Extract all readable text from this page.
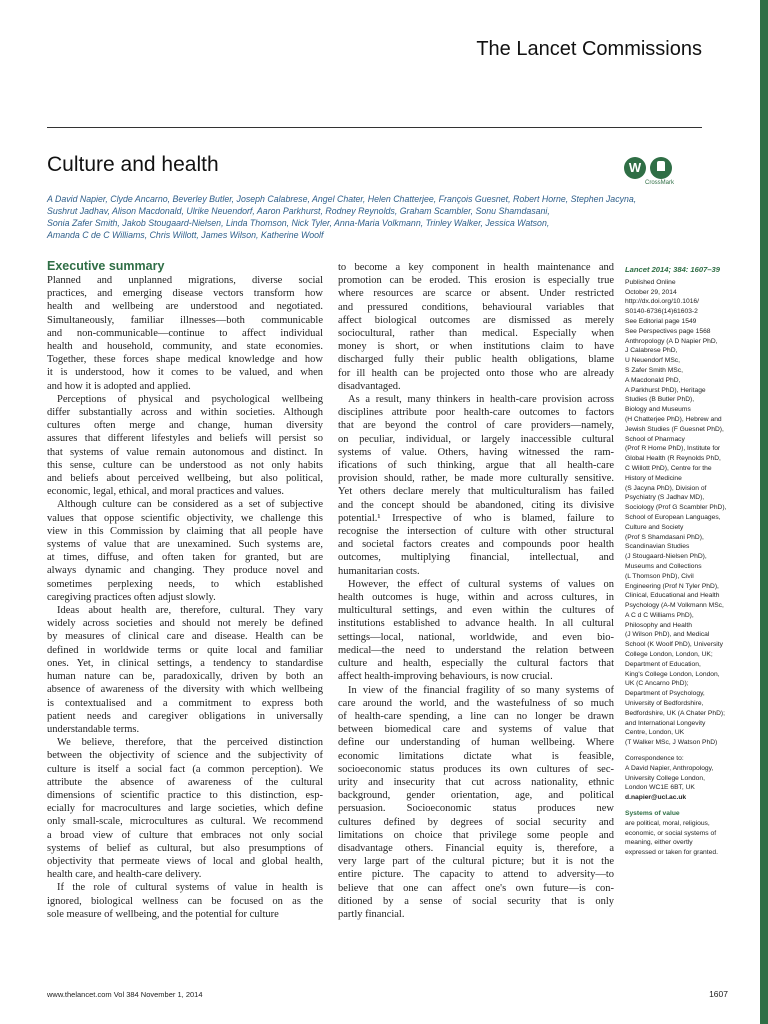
The Lancet Commissions
Culture and health	W
CrossMark
A David Napier, Clyde Ancarno, Beverley Butler, Joseph Calabrese, Angel Chater, Helen Chatterjee, François Guesnet, Robert Horne, Stephen Jacyna,
Sushrut Jadhav, Alison Macdonald, Ulrike Neuendorf, Aaron Parkhurst, Rodney Reynolds, Graham Scambler, Sonu Shamdasani,
Sonia Zafer Smith, Jakob Stougaard-Nielsen, Linda Thomson, Nick Tyler, Anna-Maria Volkmann, Trinley Walker, Jessica Watson,
Amanda C de C Williams, Chris Willott, James Wilson, Katherine Woolf
Executive summary
Planned and unplanned migrations, diverse social
practices, and emerging disease vectors transform how
health and wellbeing are understood and negotiated.
Simultaneously, familiar illnesses—both communicable
and non-communicable—continue to affect individual
health and household, community, and state economies.
Together, these forces shape medical knowledge and how
it is understood, how it comes to be valued, and when
and how it is adopted and applied.
Perceptions of physical and psychological wellbeing
differ substantially across and within societies. Although
cultures often merge and change, human diversity
assures that different lifestyles and beliefs will persist so
that systems of value remain autonomous and distinct. In
this sense, culture can be understood as not only habits
and beliefs about perceived wellbeing, but also political,
economic, legal, ethical, and moral practices and values.
Although culture can be considered as a set of subjective
values that oppose scientific objectivity, we challenge this
view in this Commission by claiming that all people have
systems of value that are unexamined. Such systems are,
at times, diffuse, and often taken for granted, but are
always dynamic and changing. They produce novel and
sometimes perplexing needs, to which established
caregiving practices often adjust slowly.
Ideas about health are, therefore, cultural. They vary
widely across societies and should not merely be defined
by measures of clinical care and disease. Health can be
defined in worldwide terms or quite local and familiar
ones. Yet, in clinical settings, a tendency to standardise
human nature can be, paradoxically, driven by both an
absence of awareness of the diversity with which wellbeing
is contextualised and a commitment to express both
patient needs and caregiver obligations in universally
understandable terms.
We believe, therefore, that the perceived distinction
between the objectivity of science and the subjectivity of
culture is itself a social fact (a common perception). We
attribute the absence of awareness of the cultural
dimensions of scientific practice to this distinction, esp-
ecially for macrocultures and large societies, which define
only small-scale, microcultures as cultural. We recommend
a broad view of culture that embraces not only social
systems of belief as cultural, but also presumptions of
objectivity that permeate views of local and global health,
health care, and health-care delivery.
If the role of cultural systems of value in health is
ignored, biological wellness can be focused on as the
sole measure of wellbeing, and the potential for culture
to become a key component in health maintenance and
promotion can be eroded. This erosion is especially true
where resources are scarce or absent. Under restricted
and pressured conditions, behavioural variables that
affect biological outcomes are dismissed as merely
sociocultural, rather than medical. Especially when
money is short, or when institutions claim to have
discharged fully their public health obligations, blame
for ill health can be projected onto those who are already
disadvantaged.
As a result, many thinkers in health-care provision across
disciplines attribute poor health-care outcomes to factors
that are beyond the control of care providers—namely,
on peculiar, individual, or largely inaccessible cultural
systems of value. Others, having witnessed the ram-
ifications of such thinking, argue that all health-care
provision should, rather, be made more culturally sensitive.
Yet others declare merely that multiculturalism has failed
and the concept should be abandoned, citing its divisive
potential.¹ Irrespective of who is blamed, failure to
recognise the intersection of culture with other structural
and societal factors creates and compounds poor health
outcomes, multiplying financial, intellectual, and
humanitarian costs.
However, the effect of cultural systems of values on
health outcomes is huge, within and across cultures, in
multicultural settings, and even within the cultures of
institutions established to advance health. In all cultural
settings—local, national, worldwide, and even bio-
medical—the need to understand the relation between
culture and health, especially the cultural factors that
affect health-improving behaviours, is now crucial.
In view of the financial fragility of so many systems of
care around the world, and the wastefulness of so much
of health-care spending, a line can no longer be drawn
between biomedical care and systems of value that
define our understanding of human wellbeing. Where
economic limitations dictate what is feasible,
socioeconomic status produces its own cultures of sec-
urity and insecurity that cut across nationality, ethnic
background, gender orientation, age, and political
persuasion. Socioeconomic status produces new
cultures defined by degrees of social security and
limitations on choice that privilege some people and
disadvantage others. Financial equity is, therefore, a
very large part of the cultural picture; but it is not the
entire picture. The capacity to attend to adversity—to
believe that one can affect one's own future—is con-
ditioned by a sense of social security that is only
partly financial.
Lancet 2014; 384: 1607–39
Published Online
October 29, 2014
http://dx.doi.org/10.1016/
S0140-6736(14)61603-2
See Editorial page 1549
See Perspectives page 1568
Anthropology (A D Napier PhD,
J Calabrese PhD,
U Neuendorf MSc,
S Zafer Smith MSc,
A Macdonald PhD,
A Parkhurst PhD), Heritage
Studies (B Butler PhD),
Biology and Museums
(H Chatterjee PhD), Hebrew and
Jewish Studies (F Guesnet PhD),
School of Pharmacy
(Prof R Horne PhD), Institute for
Global Health (R Reynolds PhD,
C Willott PhD), Centre for the
History of Medicine
(S Jacyna PhD), Division of
Psychiatry (S Jadhav MD),
Sociology (Prof G Scambler PhD),
School of European Languages,
Culture and Society
(Prof S Shamdasani PhD),
Scandinavian Studies
(J Stougaard-Nielsen PhD),
Museums and Collections
(L Thomson PhD), Civil
Engineering (Prof N Tyler PhD),
Clinical, Educational and Health
Psychology (A-M Volkmann MSc,
A C d C Williams PhD),
Philosophy and Health
(J Wilson PhD), and Medical
School (K Woolf PhD), University
College London, London, UK;
Department of Education,
King's College London, London,
UK (C Ancarno PhD);
Department of Psychology,
University of Bedfordshire,
Bedfordshire, UK (A Chater PhD);
and International Longevity
Centre, London, UK
(T Walker MSc, J Watson PhD)
Correspondence to:
A David Napier, Anthropology,
University College London,
London WC1E 6BT, UK
d.napier@ucl.ac.uk
Systems of value
are political, moral, religious,
economic, or social systems of
meaning, either overtly
expressed or taken for granted.
www.thelancet.com Vol 384 November 1, 2014	1607
